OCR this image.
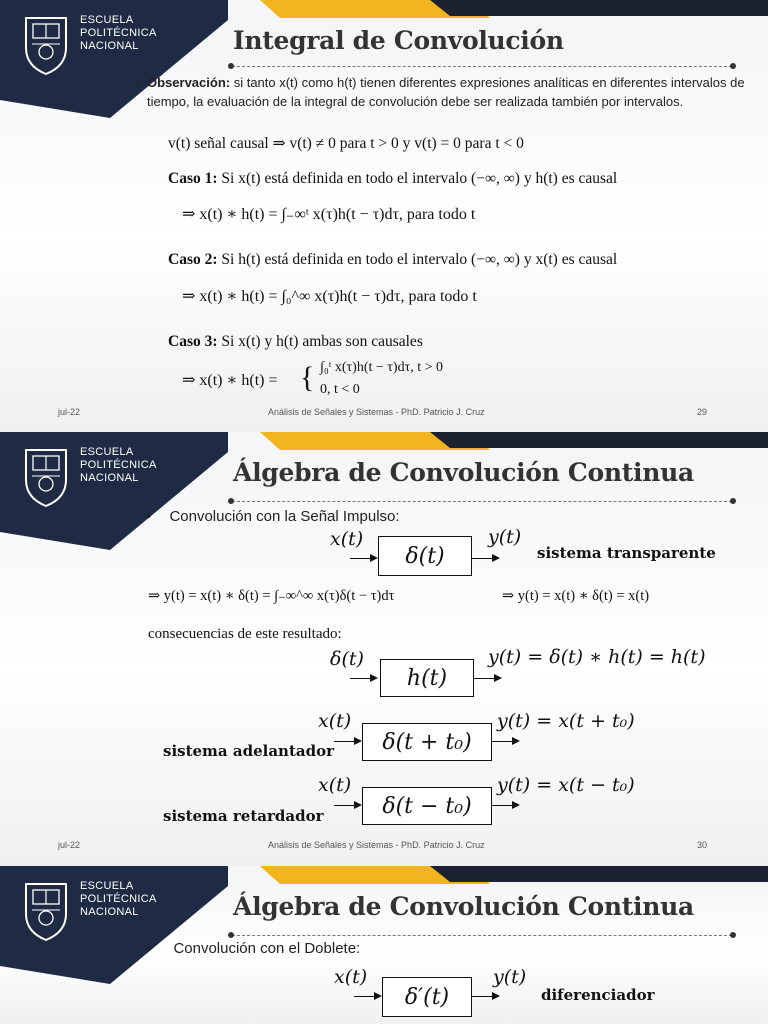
ESCUELA
POLITÉCNICA
NACIONAL	Integral de Convolución
• Observación: si tanto x(t) como h(t) tienen diferentes expresiones analíticas en diferentes intervalos de tiempo, la evaluación de la integral de convolución debe ser realizada también por intervalos.
v(t) señal causal ⇒ v(t) ≠ 0 para t > 0 y v(t) = 0 para t < 0
Caso 1: Si x(t) está definida en todo el intervalo (−∞, ∞) y h(t) es causal
⇒ x(t) ∗ h(t) = ∫₋∞ᵗ x(τ)h(t − τ)dτ, para todo t
Caso 2: Si h(t) está definida en todo el intervalo (−∞, ∞) y x(t) es causal
⇒ x(t) ∗ h(t) = ∫₀^∞ x(τ)h(t − τ)dτ, para todo t
Caso 3: Si x(t) y h(t) ambas son causales
⇒ x(t) ∗ h(t) = { ∫₀ᵗ x(τ)h(t − τ)dτ, t > 0
0, t < 0
jul-22	Análisis de Señales y Sistemas - PhD. Patricio J. Cruz	29
ESCUELA
POLITÉCNICA
NACIONAL	Álgebra de Convolución Continua
• Convolución con la Señal Impulso:
x(t)
δ(t)
y(t)
sistema transparente
⇒ y(t) = x(t) ∗ δ(t) = ∫₋∞^∞ x(τ)δ(t − τ)dτ	⇒ y(t) = x(t) ∗ δ(t) = x(t)
consecuencias de este resultado:
δ(t)
h(t)
y(t) = δ(t) ∗ h(t) = h(t)
x(t)
sistema adelantador	δ(t + t₀)
y(t) = x(t + t₀)
x(t)
sistema retardador	δ(t − t₀)
y(t) = x(t − t₀)
jul-22	Análisis de Señales y Sistemas - PhD. Patricio J. Cruz	30
ESCUELA
POLITÉCNICA
NACIONAL	Álgebra de Convolución Continua
• Convolución con el Doblete:
x(t)
δ′(t)
y(t)
diferenciador
